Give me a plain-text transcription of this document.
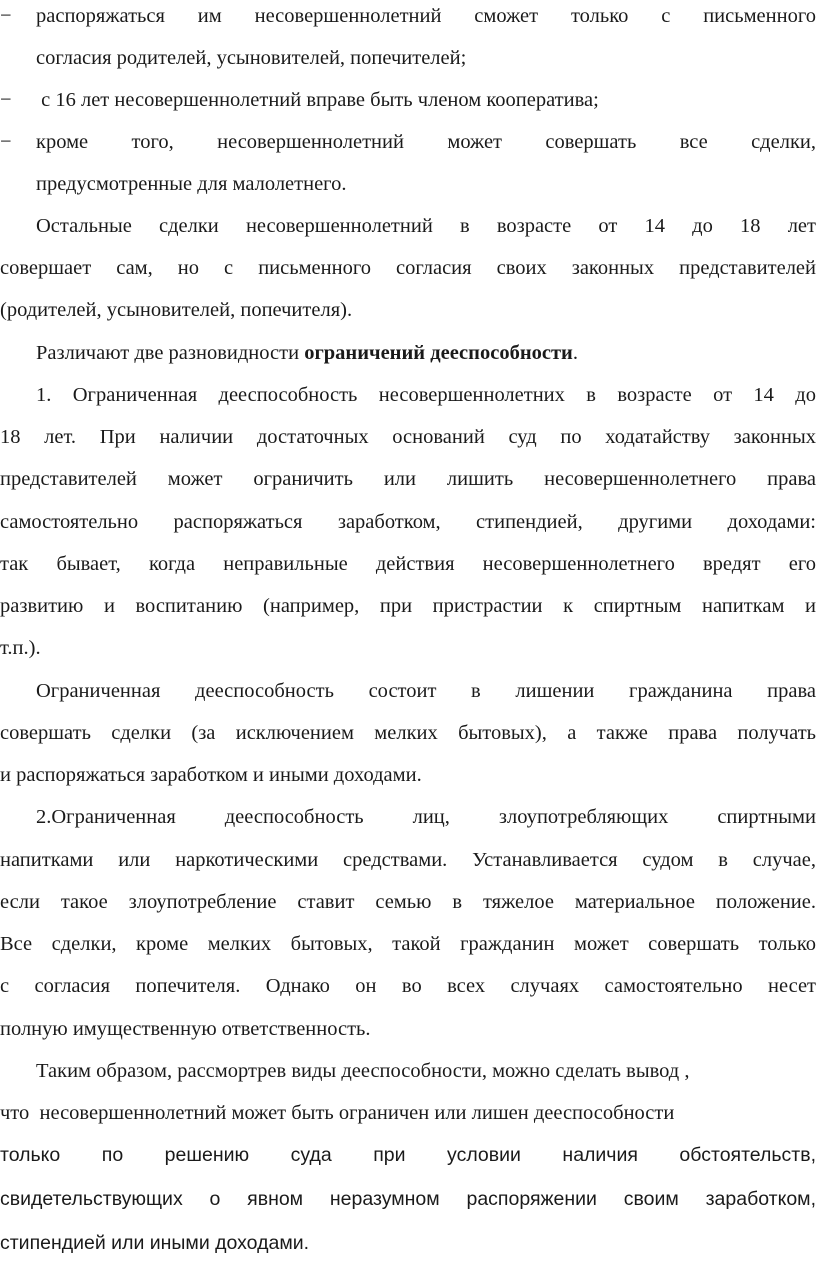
− распоряжаться им несовершеннолетний сможет только с письменного
согласия родителей, усыновителей, попечителей;
− с 16 лет несовершеннолетний вправе быть членом кооператива;
− кроме того, несовершеннолетний может совершать все сделки,
предусмотренные для малолетнего.
Остальные сделки несовершеннолетний в возрасте от 14 до 18 лет
совершает сам, но с письменного согласия своих законных представителей
(родителей, усыновителей, попечителя).
Различают две разновидности ограничений дееспособности.
1. Ограниченная дееспособность несовершеннолетних в возрасте от 14 до
18 лет. При наличии достаточных оснований суд по ходатайству законных
представителей может ограничить или лишить несовершеннолетнего права
самостоятельно распоряжаться заработком, стипендией, другими доходами:
так бывает, когда неправильные действия несовершеннолетнего вредят его
развитию и воспитанию (например, при пристрастии к спиртным напиткам и
т.п.).
Ограниченная дееспособность состоит в лишении гражданина права
совершать сделки (за исключением мелких бытовых), а также права получать
и распоряжаться заработком и иными доходами.
2.Ограниченная дееспособность лиц, злоупотребляющих спиртными
напитками или наркотическими средствами. Устанавливается судом в случае,
если такое злоупотребление ставит семью в тяжелое материальное положение.
Все сделки, кроме мелких бытовых, такой гражданин может совершать только
с согласия попечителя. Однако он во всех случаях самостоятельно несет
полную имущественную ответственность.
Таким образом, рассмортрев виды дееспособности, можно сделать вывод ,
что  несовершеннолетний может быть ограничен или лишен дееспособности
только по решению суда при условии наличия обстоятельств,
свидетельствующих о явном неразумном распоряжении своим заработком,
стипендией или иными доходами.
